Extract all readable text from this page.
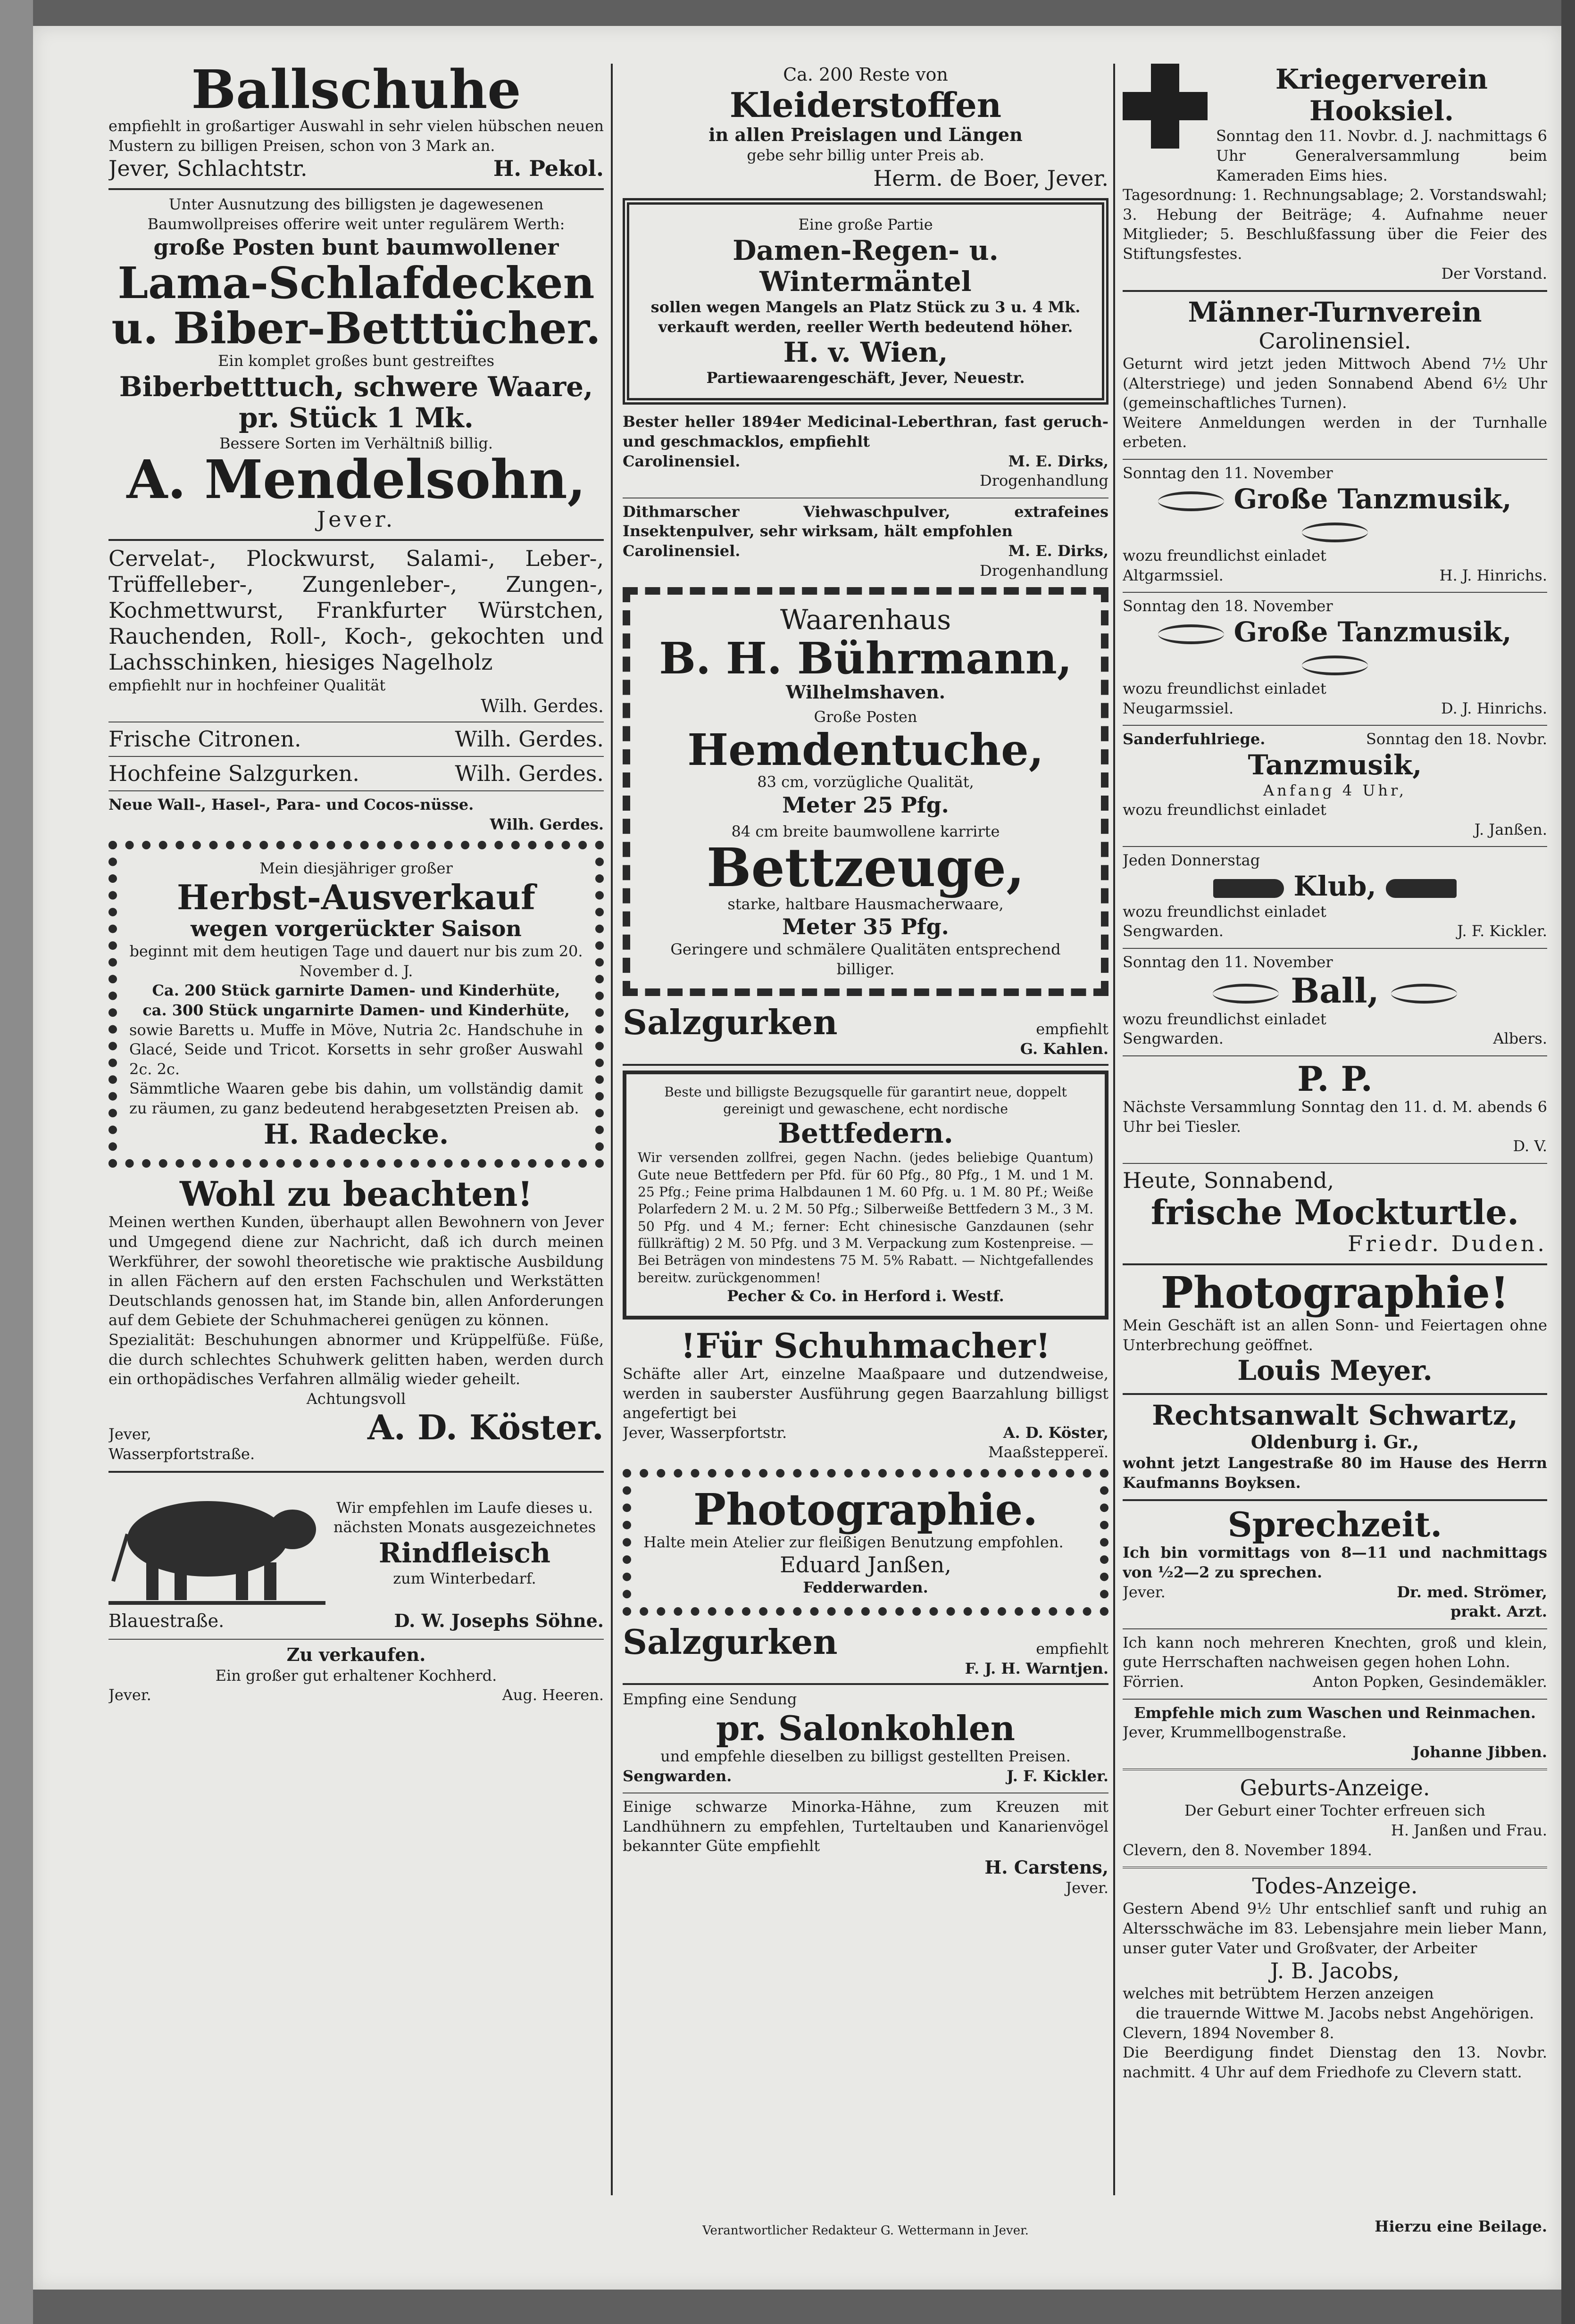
Ballschuhe
empfiehlt in großartiger Auswahl in sehr vielen hübschen neuen Mustern zu billigen Preisen, schon von 3 Mark an.
Jever, Schlachtstr.	H. Pekol.
Unter Ausnutzung des billigsten je dagewesenen Baumwollpreises offerire weit unter regulärem Werth:
große Posten bunt baumwollener
Lama-Schlafdecken
u. Biber-Betttücher.
Ein komplet großes bunt gestreiftes
Biberbetttuch, schwere Waare,
pr. Stück 1 Mk.
Bessere Sorten im Verhältniß billig.
A. Mendelsohn,
Jever.
Cervelat-, Plockwurst, Salami-, Leber-, Trüffelleber-, Zungenleber-, Zungen-, Kochmettwurst, Frankfurter Würstchen, Rauchenden, Roll-, Koch-, gekochten und Lachsschinken, hiesiges Nagelholz
empfiehlt nur in hochfeiner Qualität
Wilh. Gerdes.
Frische Citronen.	Wilh. Gerdes.
Hochfeine Salzgurken.	Wilh. Gerdes.
Neue Wall-, Hasel-, Para- und Cocos-nüsse.
Wilh. Gerdes.
Mein diesjähriger großer
Herbst-Ausverkauf
wegen vorgerückter Saison
beginnt mit dem heutigen Tage und dauert nur bis zum 20. November d. J.
Ca. 200 Stück garnirte Damen- und Kinderhüte,
ca. 300 Stück ungarnirte Damen- und Kinderhüte,
sowie Baretts u. Muffe in Möve, Nutria 2c. Handschuhe in Glacé, Seide und Tricot. Korsetts in sehr großer Auswahl 2c. 2c.
Sämmtliche Waaren gebe bis dahin, um vollständig damit zu räumen, zu ganz bedeutend herabgesetzten Preisen ab.
H. Radecke.
Wohl zu beachten!
Meinen werthen Kunden, überhaupt allen Bewohnern von Jever und Umgegend diene zur Nachricht, daß ich durch meinen Werkführer, der sowohl theoretische wie praktische Ausbildung in allen Fächern auf den ersten Fachschulen und Werkstätten Deutschlands genossen hat, im Stande bin, allen Anforderungen auf dem Gebiete der Schuhmacherei genügen zu können.
Spezialität: Beschuhungen abnormer und Krüppelfüße. Füße, die durch schlechtes Schuhwerk gelitten haben, werden durch ein orthopädisches Verfahren allmälig wieder geheilt.
Achtungsvoll
Jever, Wasserpfortstraße.
A. D. Köster.
Wir empfehlen im Laufe dieses u. nächsten Monats ausgezeichnetes
Rindfleisch
zum Winterbedarf.
Blauestraße.	D. W. Josephs Söhne.
Zu verkaufen.
Ein großer gut erhaltener Kochherd.
Jever.	Aug. Heeren.
Ca. 200 Reste von
Kleiderstoffen
in allen Preislagen und Längen
gebe sehr billig unter Preis ab.
Herm. de Boer, Jever.
Eine große Partie
Damen-Regen- u. Wintermäntel
sollen wegen Mangels an Platz Stück zu 3 u. 4 Mk. verkauft werden, reeller Werth bedeutend höher.
H. v. Wien,
Partiewaarengeschäft, Jever, Neuestr.
Bester heller 1894er Medicinal-Leberthran, fast geruch- und geschmacklos, empfiehlt
Carolinensiel.	M. E. Dirks,
Drogenhandlung
Dithmarscher Viehwaschpulver, extrafeines Insektenpulver, sehr wirksam, hält empfohlen
Carolinensiel.	M. E. Dirks,
Drogenhandlung
Waarenhaus
B. H. Bührmann,
Wilhelmshaven.
Große Posten
Hemdentuche,
83 cm, vorzügliche Qualität,
Meter 25 Pfg.
84 cm breite baumwollene karrirte
Bettzeuge,
starke, haltbare Hausmacherwaare,
Meter 35 Pfg.
Geringere und schmälere Qualitäten entsprechend billiger.
Salzgurken	empfiehlt
G. Kahlen.
Beste und billigste Bezugsquelle für garantirt neue, doppelt gereinigt und gewaschene, echt nordische
Bettfedern.
Wir versenden zollfrei, gegen Nachn. (jedes beliebige Quantum) Gute neue Bettfedern per Pfd. für 60 Pfg., 80 Pfg., 1 M. und 1 M. 25 Pfg.; Feine prima Halbdaunen 1 M. 60 Pfg. u. 1 M. 80 Pf.; Weiße Polarfedern 2 M. u. 2 M. 50 Pfg.; Silberweiße Bettfedern 3 M., 3 M. 50 Pfg. und 4 M.; ferner: Echt chinesische Ganzdaunen (sehr füllkräftig) 2 M. 50 Pfg. und 3 M. Verpackung zum Kostenpreise. — Bei Beträgen von mindestens 75 M. 5% Rabatt. — Nichtgefallendes bereitw. zurückgenommen!
Pecher & Co. in Herford i. Westf.
!Für Schuhmacher!
Schäfte aller Art, einzelne Maaßpaare und dutzendweise, werden in sauberster Ausführung gegen Baarzahlung billigst angefertigt bei
Jever, Wasserpfortstr.	A. D. Köster,
Maaßsteppereï.
Photographie.
Halte mein Atelier zur fleißigen Benutzung empfohlen.
Eduard Janßen,
Fedderwarden.
Salzgurken	empfiehlt
F. J. H. Warntjen.
Empfing eine Sendung
pr. Salonkohlen
und empfehle dieselben zu billigst gestellten Preisen.
Sengwarden.	J. F. Kickler.
Einige schwarze Minorka-Hähne, zum Kreuzen mit Landhühnern zu empfehlen, Turteltauben und Kanarienvögel bekannter Güte empfiehlt
H. Carstens,
Jever.
Kriegerverein Hooksiel.
Sonntag den 11. Novbr. d. J. nachmittags 6 Uhr Generalversammlung beim Kameraden Eims hies.
Tagesordnung: 1. Rechnungsablage; 2. Vorstandswahl; 3. Hebung der Beiträge; 4. Aufnahme neuer Mitglieder; 5. Beschlußfassung über die Feier des Stiftungsfestes.
Der Vorstand.
Männer-Turnverein
Carolinensiel.
Geturnt wird jetzt jeden Mittwoch Abend 7½ Uhr (Alterstriege) und jeden Sonnabend Abend 6½ Uhr (gemeinschaftliches Turnen).
Weitere Anmeldungen werden in der Turnhalle erbeten.
Sonntag den 11. November
Große Tanzmusik,
wozu freundlichst einladet
Altgarmssiel.	H. J. Hinrichs.
Sonntag den 18. November
Große Tanzmusik,
wozu freundlichst einladet
Neugarmssiel.	D. J. Hinrichs.
Sanderfuhlriege.	Sonntag den 18. Novbr.
Tanzmusik,
Anfang 4 Uhr,
wozu freundlichst einladet
J. Janßen.
Jeden Donnerstag
Klub,
wozu freundlichst einladet
Sengwarden.	J. F. Kickler.
Sonntag den 11. November
Ball,
wozu freundlichst einladet
Sengwarden.	Albers.
P. P.
Nächste Versammlung Sonntag den 11. d. M. abends 6 Uhr bei Tiesler.
D. V.
Heute, Sonnabend,
frische Mockturtle.
Friedr. Duden.
Photographie!
Mein Geschäft ist an allen Sonn- und Feiertagen ohne Unterbrechung geöffnet.
Louis Meyer.
Rechtsanwalt Schwartz,
Oldenburg i. Gr.,
wohnt jetzt Langestraße 80 im Hause des Herrn Kaufmanns Boyksen.
Sprechzeit.
Ich bin vormittags von 8—11 und nachmittags von ½2—2 zu sprechen.
Jever.	Dr. med. Strömer,
prakt. Arzt.
Ich kann noch mehreren Knechten, groß und klein, gute Herrschaften nachweisen gegen hohen Lohn.
Förrien.	Anton Popken, Gesindemäkler.
Empfehle mich zum Waschen und Reinmachen.
Jever, Krummellbogenstraße.
Johanne Jibben.
Geburts-Anzeige.
Der Geburt einer Tochter erfreuen sich
H. Janßen und Frau.
Clevern, den 8. November 1894.
Todes-Anzeige.
Gestern Abend 9½ Uhr entschlief sanft und ruhig an Altersschwäche im 83. Lebensjahre mein lieber Mann, unser guter Vater und Großvater, der Arbeiter
J. B. Jacobs,
welches mit betrübtem Herzen anzeigen
die trauernde Wittwe M. Jacobs nebst Angehörigen.
Clevern, 1894 November 8.
Die Beerdigung findet Dienstag den 13. Novbr. nachmitt. 4 Uhr auf dem Friedhofe zu Clevern statt.
Verantwortlicher Redakteur G. Wettermann in Jever.	Hierzu eine Beilage.
